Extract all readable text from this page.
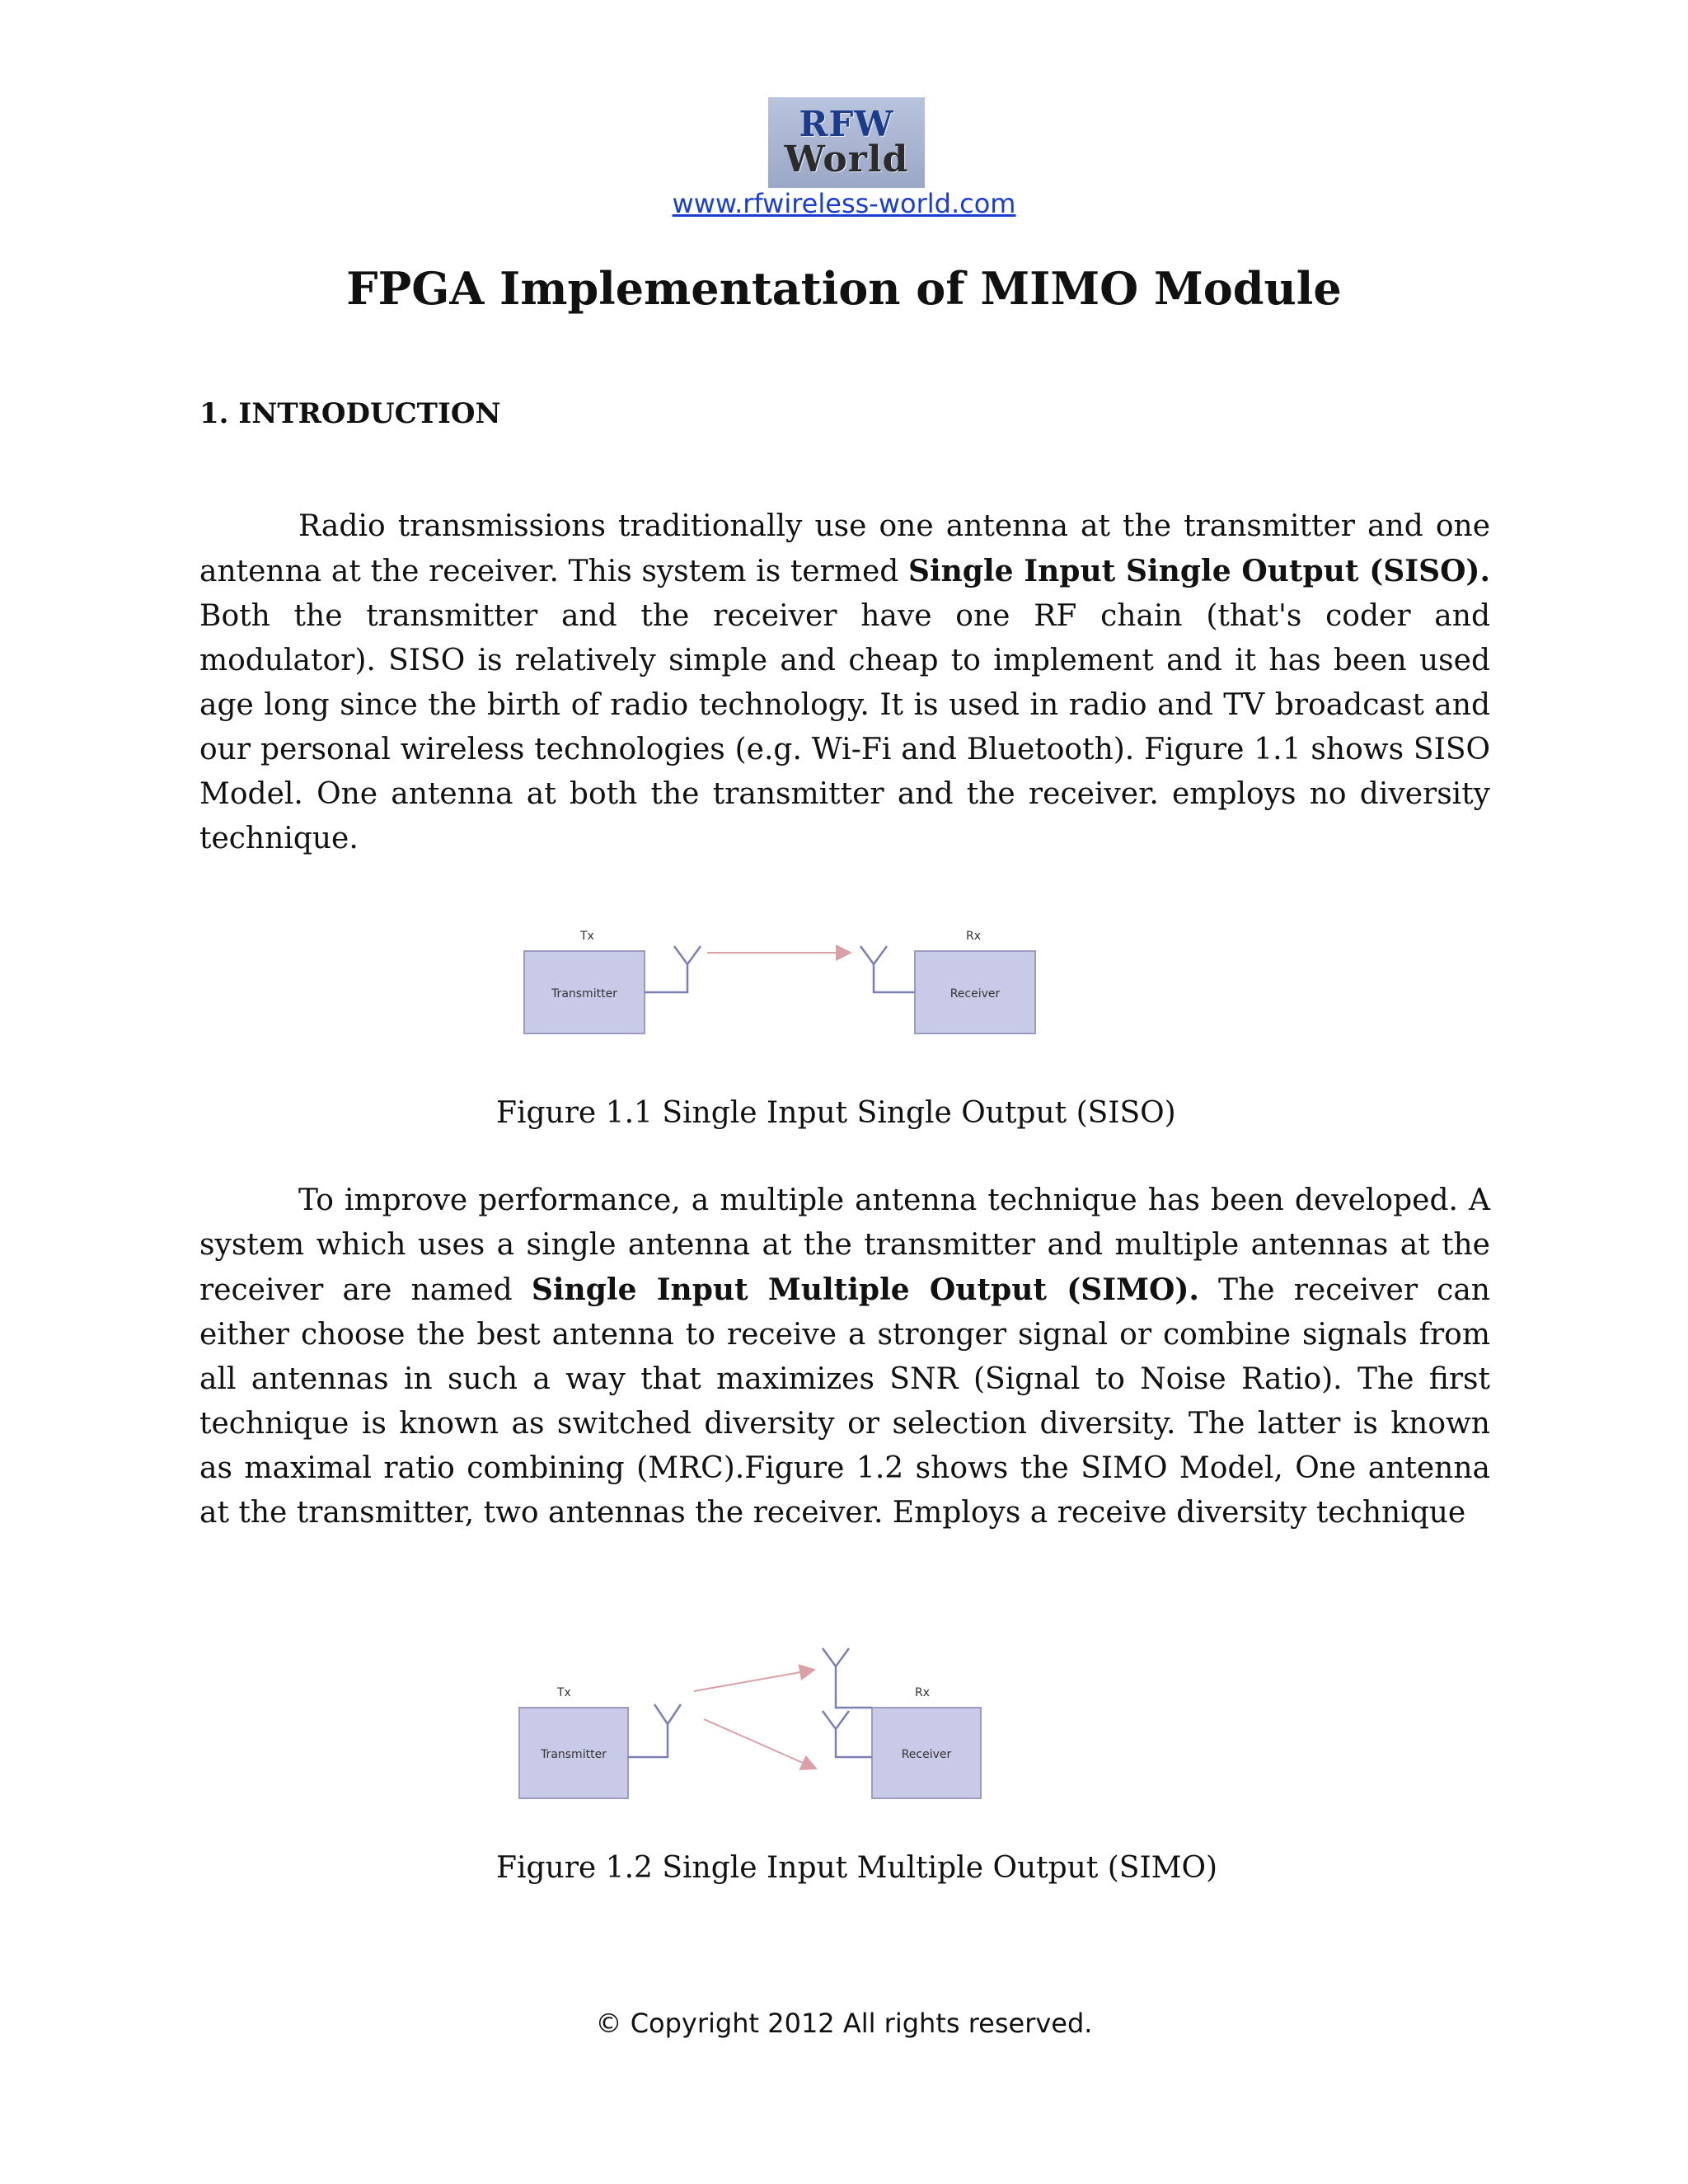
RFW
World
www.rfwireless-world.com
FPGA Implementation of MIMO Module
1. INTRODUCTION

Radio transmissions traditionally use one antenna at the transmitter and one antenna at the receiver. This system is termed Single Input Single Output (SISO). Both the transmitter and the receiver have one RF chain (that's coder and modulator). SISO is relatively simple and cheap to implement and it has been used age long since the birth of radio technology. It is used in radio and TV broadcast and our personal wireless technologies (e.g. Wi-Fi and Bluetooth). Figure 1.1 shows SISO Model. One antenna at both the transmitter and the receiver. employs no diversity technique.

Tx	Rx
Transmitter	Receiver

Figure 1.1 Single Input Single Output (SISO)

To improve performance, a multiple antenna technique has been developed. A system which uses a single antenna at the transmitter and multiple antennas at the receiver are named Single Input Multiple Output (SIMO). The receiver can either choose the best antenna to receive a stronger signal or combine signals from all antennas in such a way that maximizes SNR (Signal to Noise Ratio). The first technique is known as switched diversity or selection diversity. The latter is known as maximal ratio combining (MRC).Figure 1.2 shows the SIMO Model, One antenna at the transmitter, two antennas the receiver. Employs a receive diversity technique

Tx	Rx
Transmitter	Receiver

Figure 1.2 Single Input Multiple Output (SIMO)

© Copyright 2012 All rights reserved.
